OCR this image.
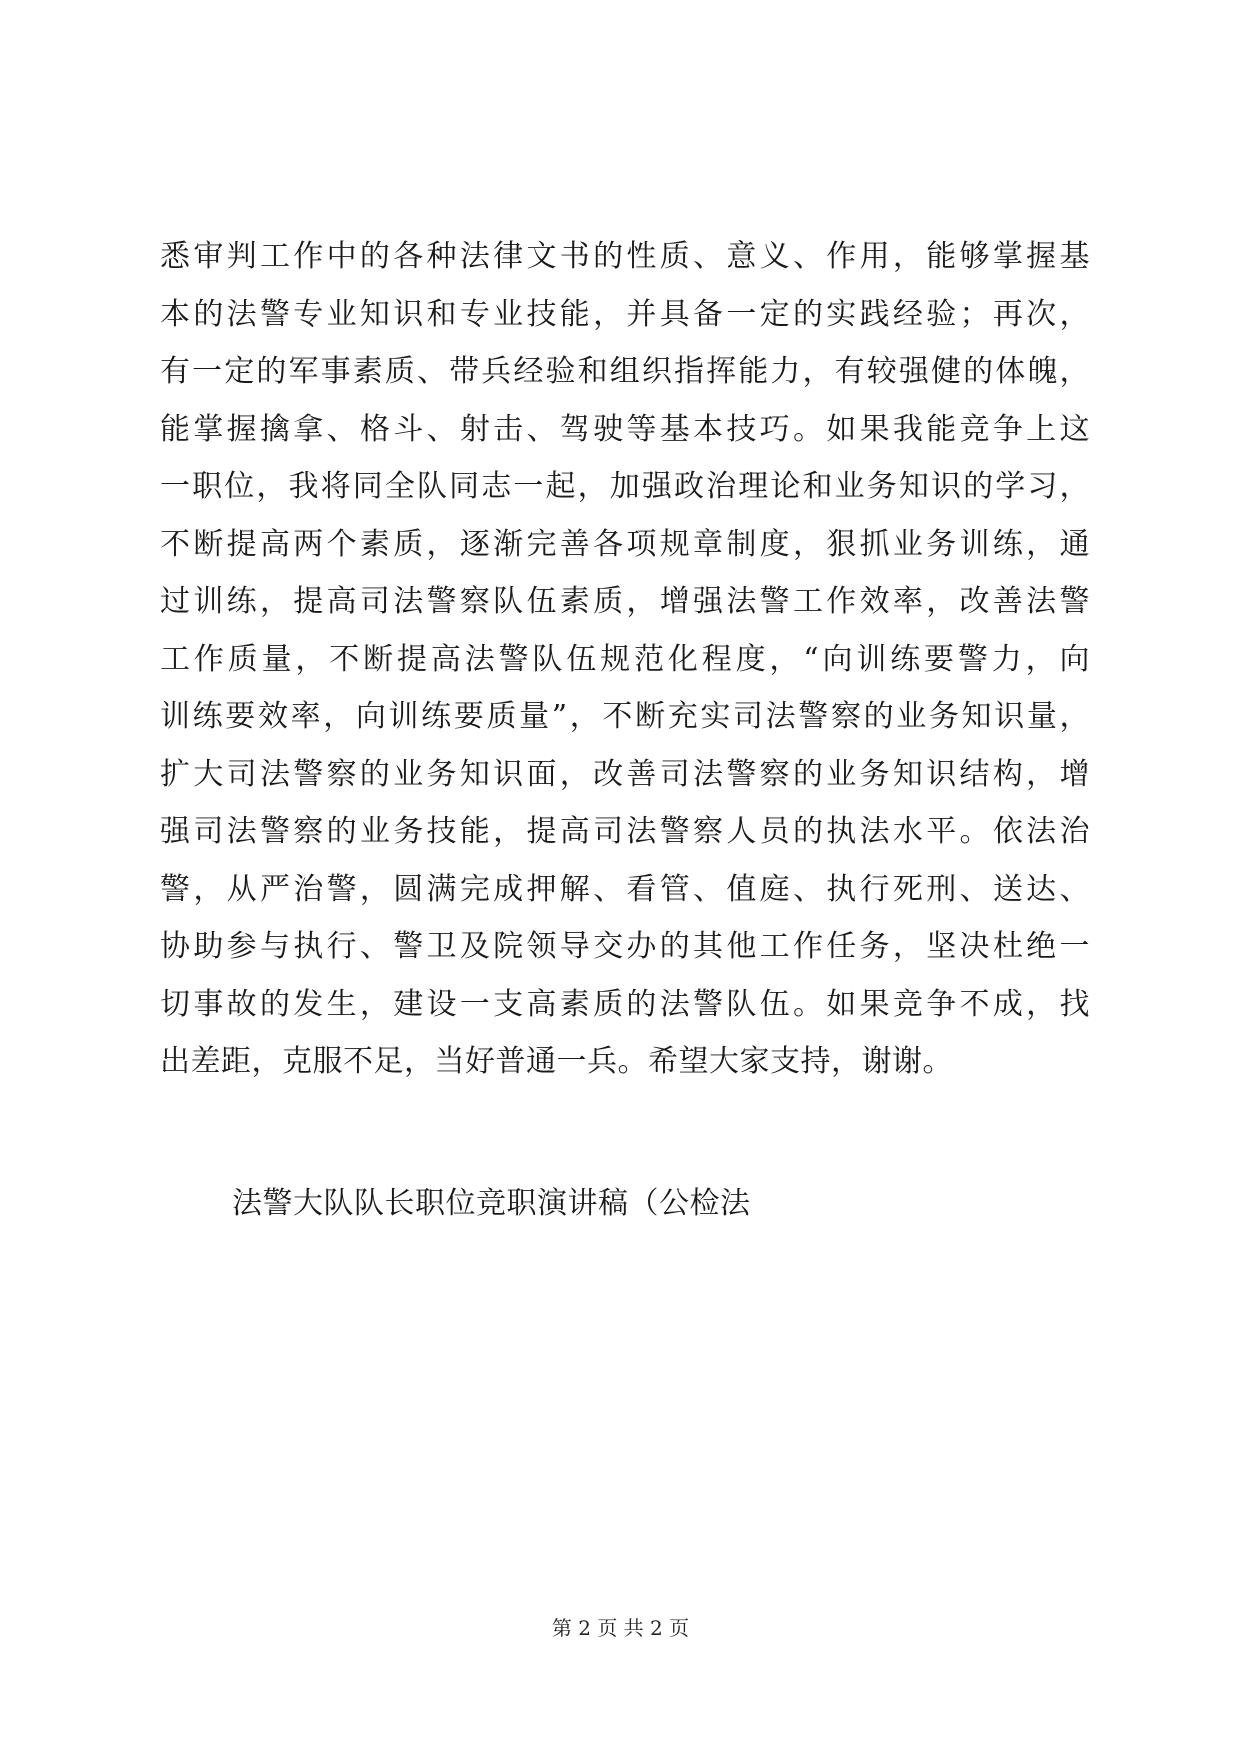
悉审判工作中的各种法律文书的性质、意义、作用，能够掌握基
本的法警专业知识和专业技能，并具备一定的实践经验；再次，
有一定的军事素质、带兵经验和组织指挥能力，有较强健的体魄，
能掌握擒拿、格斗、射击、驾驶等基本技巧。如果我能竞争上这
一职位，我将同全队同志一起，加强政治理论和业务知识的学习，
不断提高两个素质，逐渐完善各项规章制度，狠抓业务训练，通
过训练，提高司法警察队伍素质，增强法警工作效率，改善法警
工作质量，不断提高法警队伍规范化程度，“向训练要警力，向
训练要效率，向训练要质量”，不断充实司法警察的业务知识量，
扩大司法警察的业务知识面，改善司法警察的业务知识结构，增
强司法警察的业务技能，提高司法警察人员的执法水平。依法治
警，从严治警，圆满完成押解、看管、值庭、执行死刑、送达、
协助参与执行、警卫及院领导交办的其他工作任务，坚决杜绝一
切事故的发生，建设一支高素质的法警队伍。如果竞争不成，找
出差距，克服不足，当好普通一兵。希望大家支持，谢谢。
法警大队队长职位竞职演讲稿（公检法
第 2 页 共 2 页
